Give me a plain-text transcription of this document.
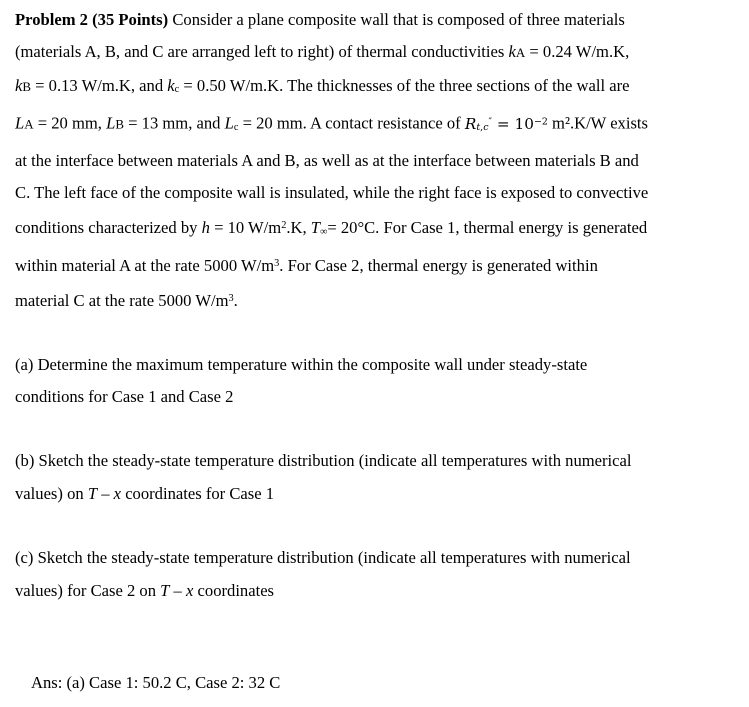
Problem 2 (35 Points) Consider a plane composite wall that is composed of three materials
(materials A, B, and C are arranged left to right) of thermal conductivities kA = 0.24 W/m.K,
kB = 0.13 W/m.K, and kc = 0.50 W/m.K. The thicknesses of the three sections of the wall are
LA = 20 mm, LB = 13 mm, and Lc = 20 mm. A contact resistance of $Rt,c'' = 10^{-2}$ m².K/W exists
at the interface between materials A and B, as well as at the interface between materials B and
C. The left face of the composite wall is insulated, while the right face is exposed to convective
conditions characterized by h = 10 $W/m^2.K$, T∞= 20°C. For Case 1, thermal energy is generated
within material A at the rate 5000 $W/m^3$. For Case 2, thermal energy is generated within
material C at the rate 5000 $W/m^3$.

(a) Determine the maximum temperature within the composite wall under steady-state
conditions for Case 1 and Case 2

(b) Sketch the steady-state temperature distribution (indicate all temperatures with numerical
values) on T – x coordinates for Case 1

(c) Sketch the steady-state temperature distribution (indicate all temperatures with numerical
values) for Case 2 on T – x coordinates

Ans: (a) Case 1: 50.2 C, Case 2: 32 C
